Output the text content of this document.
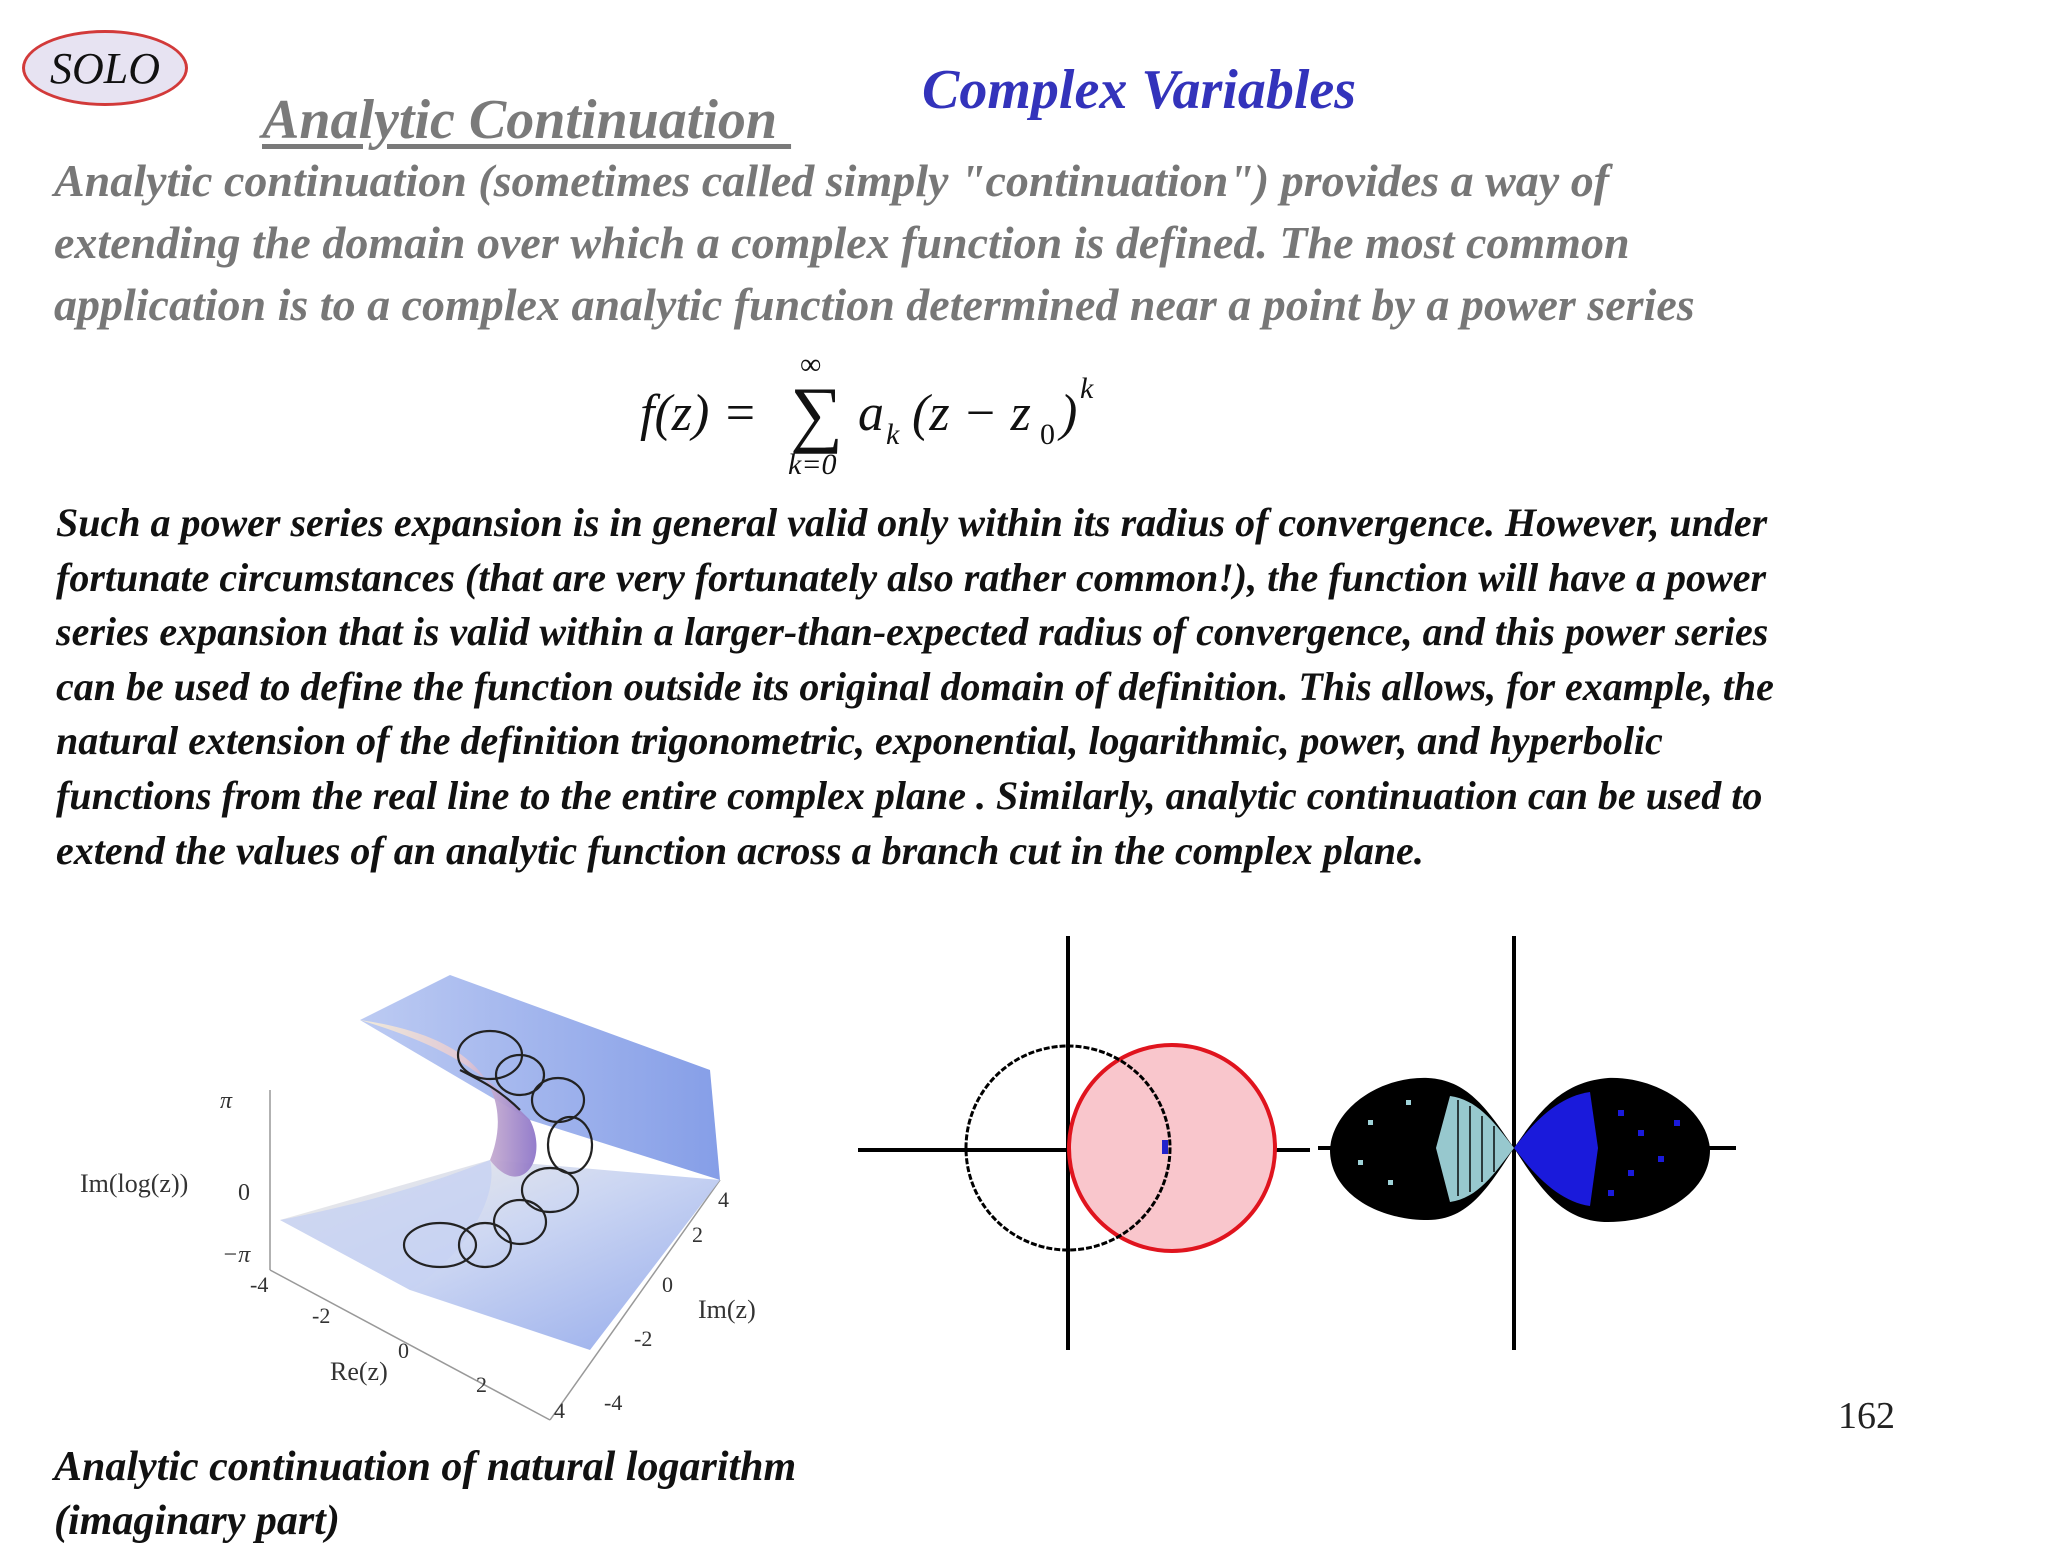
SOLO
Analytic Continuation Complex Variables

Analytic continuation (sometimes called simply "continuation") provides a way of
extending the domain over which a complex function is defined. The most common
application is to a complex analytic function determined near a point by a power series

f(z) =
∞
∑
k=0
a k (z − z 0 ) k

Such a power series expansion is in general valid only within its radius of convergence. However, under
fortunate circumstances (that are very fortunately also rather common!), the function will have a power
series expansion that is valid within a larger-than-expected radius of convergence, and this power series
can be used to define the function outside its original domain of definition. This allows, for example, the
natural extension of the definition trigonometric, exponential, logarithmic, power, and hyperbolic
functions from the real line to the entire complex plane . Similarly, analytic continuation can be used to
extend the values of an analytic function across a branch cut in the complex plane.

π
Im(log(z)) 0
−π
-4
-2
0
2
4
Re(z)
4
2
0
-2
-4
Im(z)
162
Analytic continuation of natural logarithm
(imaginary part)
